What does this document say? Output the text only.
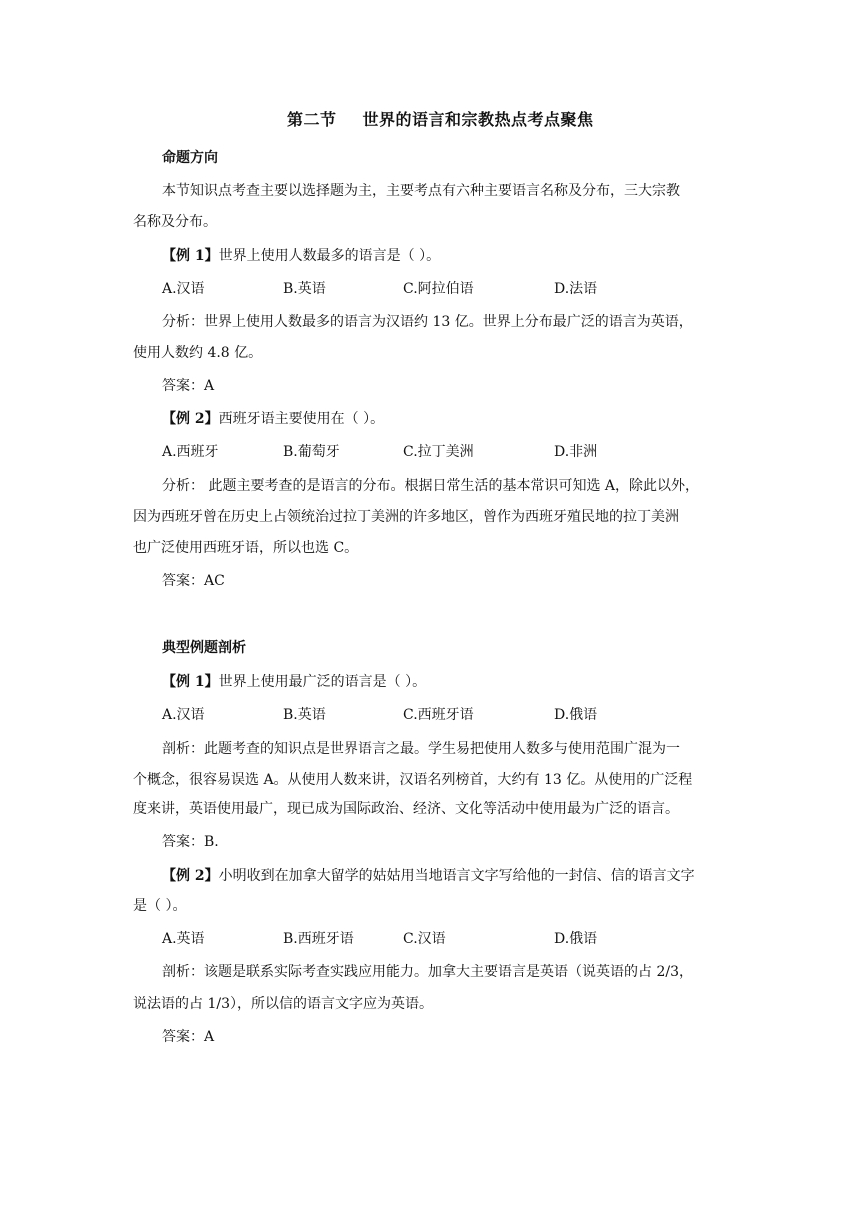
第二节 世界的语言和宗教热点考点聚焦
命题方向
本节知识点考查主要以选择题为主，主要考点有六种主要语言名称及分布，三大宗教
名称及分布。
【例 1】世界上使用人数最多的语言是（ ）。
A.汉语	B.英语	C.阿拉伯语	D.法语
分析：世界上使用人数最多的语言为汉语约 13 亿。世界上分布最广泛的语言为英语，
使用人数约 4.8 亿。
答案：A
【例 2】西班牙语主要使用在（ ）。
A.西班牙	B.葡萄牙	C.拉丁美洲	D.非洲
分析： 此题主要考查的是语言的分布。根据日常生活的基本常识可知选 A，除此以外，
因为西班牙曾在历史上占领统治过拉丁美洲的许多地区，曾作为西班牙殖民地的拉丁美洲
也广泛使用西班牙语，所以也选 C。
答案：AC
典型例题剖析
【例 1】世界上使用最广泛的语言是（ ）。
A.汉语	B.英语	C.西班牙语	D.俄语
剖析：此题考查的知识点是世界语言之最。学生易把使用人数多与使用范围广混为一
个概念，很容易误选 A。从使用人数来讲，汉语名列榜首，大约有 13 亿。从使用的广泛程
度来讲，英语使用最广，现已成为国际政治、经济、文化等活动中使用最为广泛的语言。
答案：B.
【例 2】小明收到在加拿大留学的姑姑用当地语言文字写给他的一封信、信的语言文字
是（ ）。
A.英语	B.西班牙语	C.汉语	D.俄语
剖析：该题是联系实际考查实践应用能力。加拿大主要语言是英语（说英语的占 2/3，
说法语的占 1/3），所以信的语言文字应为英语。
答案：A
